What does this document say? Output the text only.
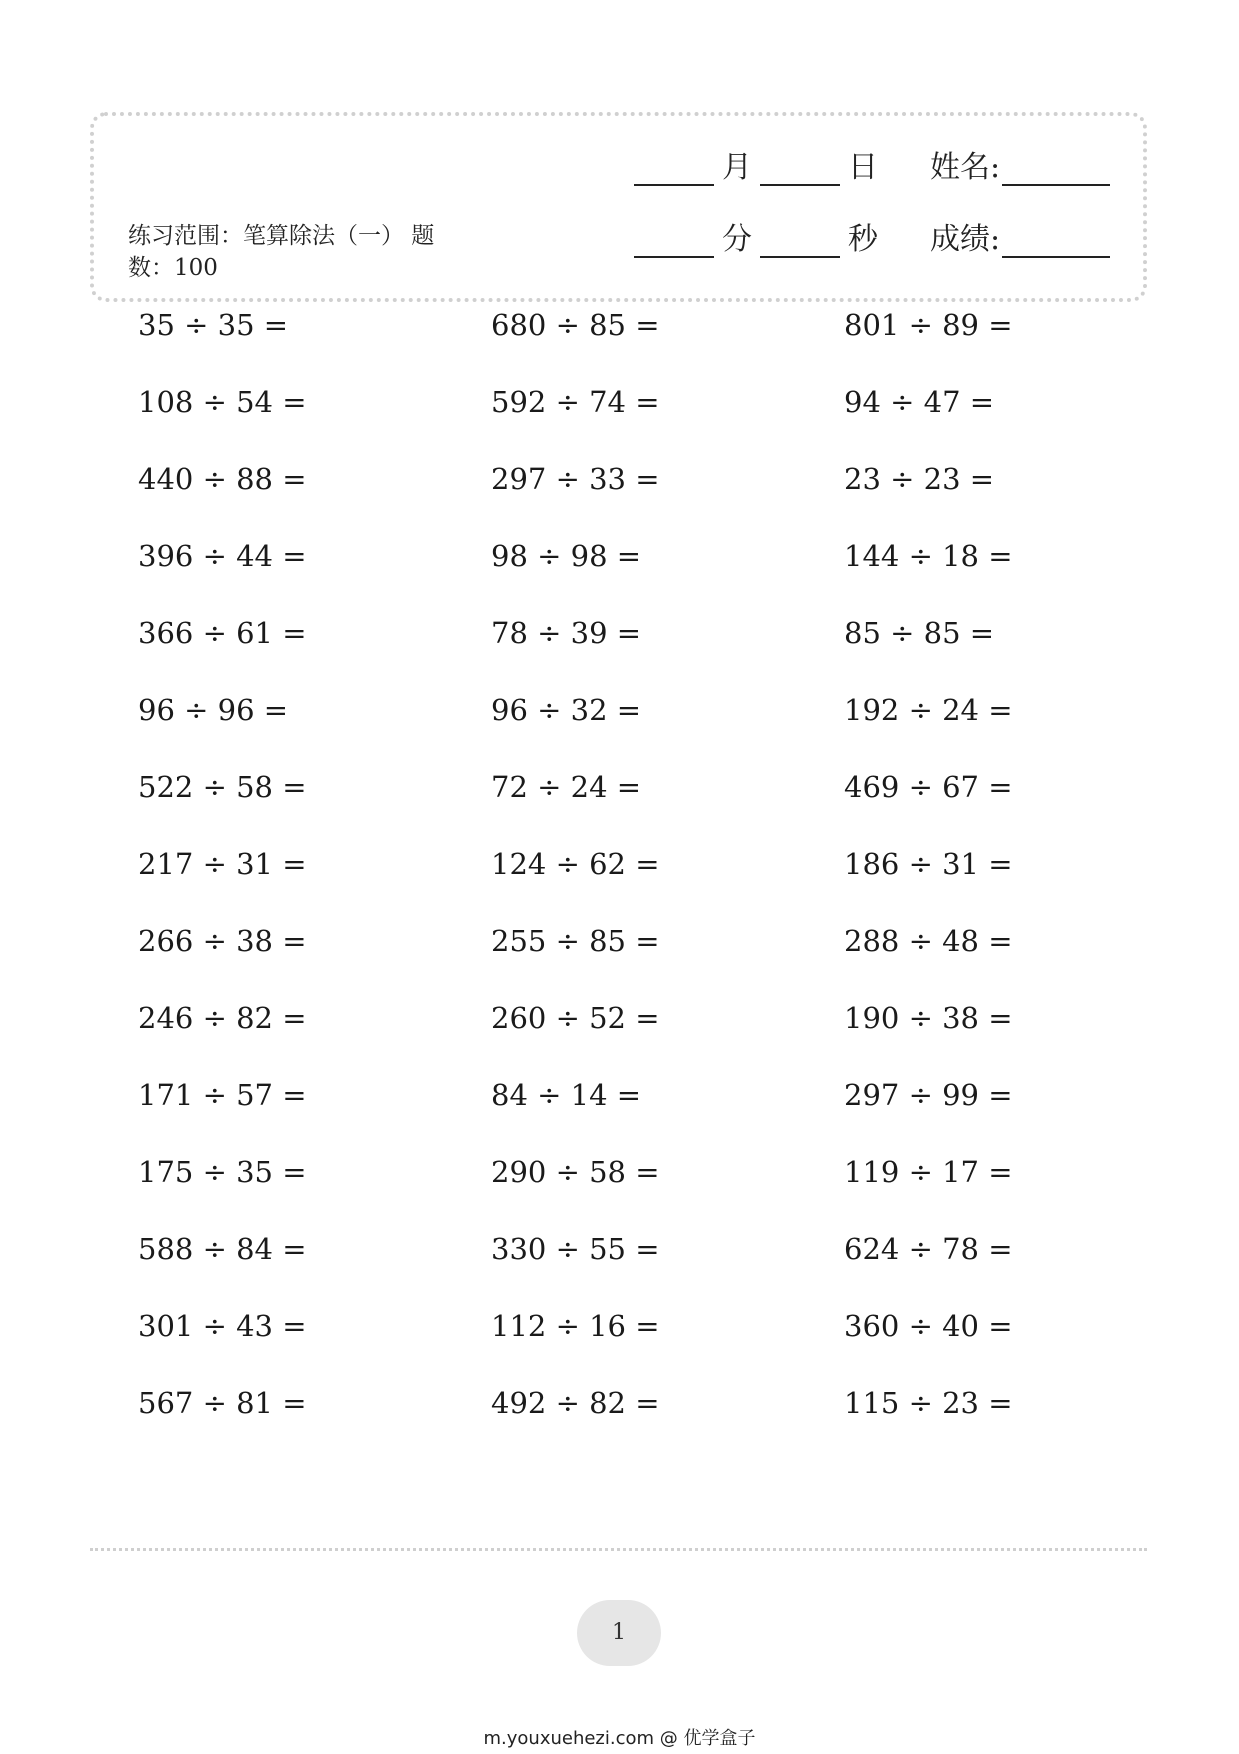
月	日 姓名:
练习范围：笔算除法（一） 题数：100
分	秒 成绩:
35 ÷ 35 =	680 ÷ 85 =	801 ÷ 89 =
108 ÷ 54 =	592 ÷ 74 =	94 ÷ 47 =
440 ÷ 88 =	297 ÷ 33 =	23 ÷ 23 =
396 ÷ 44 =	98 ÷ 98 =	144 ÷ 18 =
366 ÷ 61 =	78 ÷ 39 =	85 ÷ 85 =
96 ÷ 96 =	96 ÷ 32 =	192 ÷ 24 =
522 ÷ 58 =	72 ÷ 24 =	469 ÷ 67 =
217 ÷ 31 =	124 ÷ 62 =	186 ÷ 31 =
266 ÷ 38 =	255 ÷ 85 =	288 ÷ 48 =
246 ÷ 82 =	260 ÷ 52 =	190 ÷ 38 =
171 ÷ 57 =	84 ÷ 14 =	297 ÷ 99 =
175 ÷ 35 =	290 ÷ 58 =	119 ÷ 17 =
588 ÷ 84 =	330 ÷ 55 =	624 ÷ 78 =
301 ÷ 43 =	112 ÷ 16 =	360 ÷ 40 =
567 ÷ 81 =	492 ÷ 82 =	115 ÷ 23 =
1
m.youxuehezi.com @ 优学盒子
